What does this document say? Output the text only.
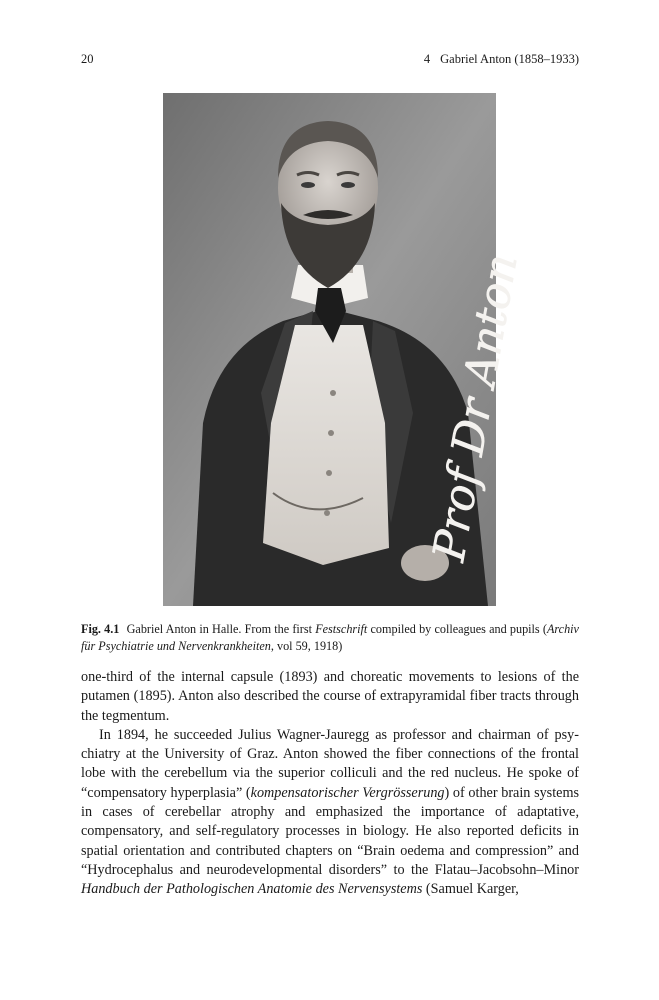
20	4 Gabriel Anton (1858–1933)
Prof Dr Anton
Fig. 4.1 Gabriel Anton in Halle. From the first Festschrift compiled by colleagues and pupils (Archiv für Psychiatrie und Nervenkrankheiten, vol 59, 1918)

one-third of the internal capsule (1893) and choreatic movements to lesions of the putamen (1895). Anton also described the course of extrapyramidal fiber tracts through the tegmentum.

In 1894, he succeeded Julius Wagner-Jauregg as professor and chairman of psychiatry at the University of Graz. Anton showed the fiber connections of the frontal lobe with the cerebellum via the superior colliculi and the red nucleus. He spoke of “compensatory hyperplasia” (kompensatorischer Vergrösserung) of other brain systems in cases of cerebellar atrophy and emphasized the importance of adaptative, compensatory, and self-regulatory processes in biology. He also reported deficits in spatial orientation and contributed chapters on “Brain oedema and compression” and “Hydrocephalus and neurodevelopmental disorders” to the Flatau–Jacobsohn–Minor Handbuch der Pathologischen Anatomie des Nervensystems (Samuel Karger,
